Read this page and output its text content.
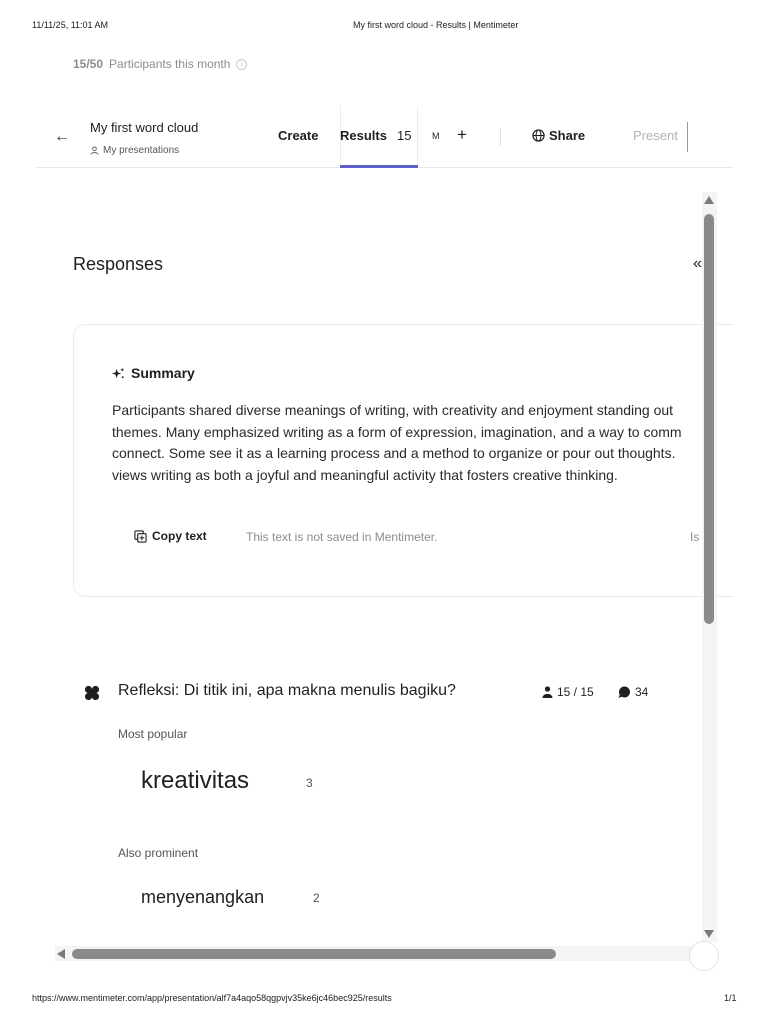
11/11/25, 11:01 AM	My first word cloud - Results | Mentimeter
15/50 Participants this month	i
←
My first word cloud
My presentations
Create Results 15 M +	Share	Present
Responses	«
Summary
Participants shared diverse meanings of writing, with creativity and enjoyment standing out
themes. Many emphasized writing as a form of expression, imagination, and a way to comm
connect. Some see it as a learning process and a method to organize or pour out thoughts.
views writing as both a joyful and meaningful activity that fosters creative thinking.
Copy text	This text is not saved in Mentimeter.	Is
Refleksi: Di titik ini, apa makna menulis bagiku?	15 / 15	34
Most popular
kreativitas	3
Also prominent
menyenangkan	2
https://www.mentimeter.com/app/presentation/alf7a4aqo58qgpvjv35ke6jc46bec925/results	1/1
